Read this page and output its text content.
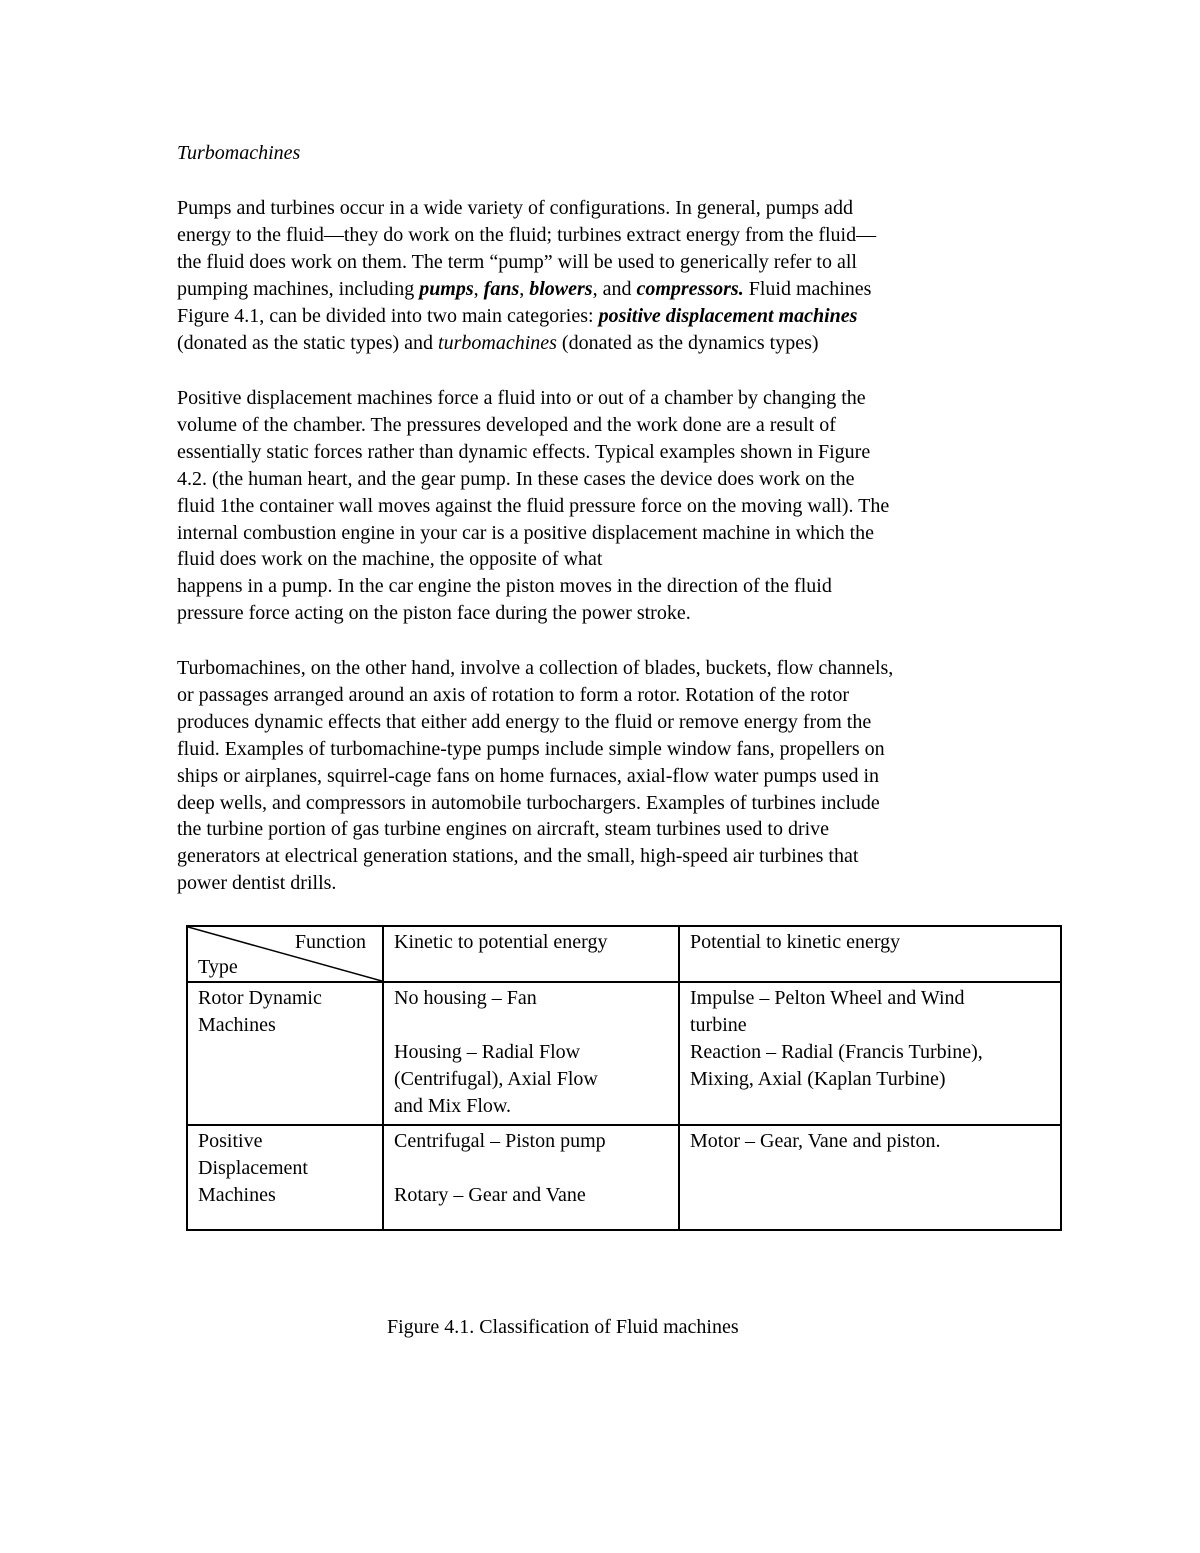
Turbomachines

Pumps and turbines occur in a wide variety of configurations. In general, pumps add
energy to the fluid—they do work on the fluid; turbines extract energy from the fluid—
the fluid does work on them. The term “pump” will be used to generically refer to all
pumping machines, including pumps, fans, blowers, and compressors. Fluid machines
Figure 4.1, can be divided into two main categories: positive displacement machines
(donated as the static types) and turbomachines (donated as the dynamics types)

Positive displacement machines force a fluid into or out of a chamber by changing the
volume of the chamber. The pressures developed and the work done are a result of
essentially static forces rather than dynamic effects. Typical examples shown in Figure
4.2. (the human heart, and the gear pump. In these cases the device does work on the
fluid 1the container wall moves against the fluid pressure force on the moving wall). The
internal combustion engine in your car is a positive displacement machine in which the
fluid does work on the machine, the opposite of what
happens in a pump. In the car engine the piston moves in the direction of the fluid
pressure force acting on the piston face during the power stroke.

Turbomachines, on the other hand, involve a collection of blades, buckets, flow channels,
or passages arranged around an axis of rotation to form a rotor. Rotation of the rotor
produces dynamic effects that either add energy to the fluid or remove energy from the
fluid. Examples of turbomachine-type pumps include simple window fans, propellers on
ships or airplanes, squirrel-cage fans on home furnaces, axial-flow water pumps used in
deep wells, and compressors in automobile turbochargers. Examples of turbines include
the turbine portion of gas turbine engines on aircraft, steam turbines used to drive
generators at electrical generation stations, and the small, high-speed air turbines that
power dentist drills.

Function
Type	Kinetic to potential energy	Potential to kinetic energy

Rotor Dynamic
Machines	No housing – Fan
Housing – Radial Flow
(Centrifugal), Axial Flow
and Mix Flow.	Impulse – Pelton Wheel and Wind
turbine
Reaction – Radial (Francis Turbine),
Mixing, Axial (Kaplan Turbine)

Positive
Displacement
Machines	Centrifugal – Piston pump
Rotary – Gear and Vane	Motor – Gear, Vane and piston.
Figure 4.1. Classification of Fluid machines
